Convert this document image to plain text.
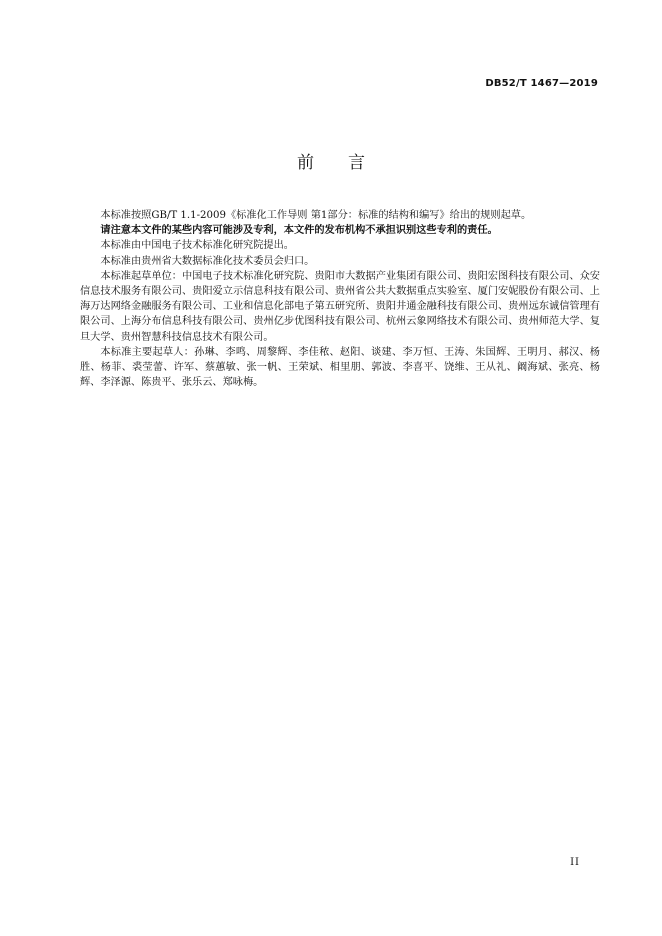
DB52/T 1467—2019
前 言

本标准按照GB/T 1.1-2009《标准化工作导则 第1部分：标准的结构和编写》给出的规则起草。

请注意本文件的某些内容可能涉及专利，本文件的发布机构不承担识别这些专利的责任。

本标准由中国电子技术标准化研究院提出。

本标准由贵州省大数据标准化技术委员会归口。

本标准起草单位：中国电子技术标准化研究院、贵阳市大数据产业集团有限公司、贵阳宏图科技有限公司、众安信息技术服务有限公司、贵阳爱立示信息科技有限公司、贵州省公共大数据重点实验室、厦门安妮股份有限公司、上海万达网络金融服务有限公司、工业和信息化部电子第五研究所、贵阳井通金融科技有限公司、贵州远东诚信管理有限公司、上海分布信息科技有限公司、贵州亿步优图科技有限公司、杭州云象网络技术有限公司、贵州师范大学、复旦大学、贵州智慧科技信息技术有限公司。

本标准主要起草人：孙琳、李鸣、周黎辉、李佳秾、赵阳、谈建、李万恒、王涛、朱国辉、王明月、郝汉、杨胜、杨菲、裘莹蕾、许军、蔡蕙敏、张一帆、王荣斌、相里朋、郭波、李喜平、饶维、王从礼、阚海斌、张亮、杨辉、李泽源、陈贵平、张乐云、郑咏梅。

II
